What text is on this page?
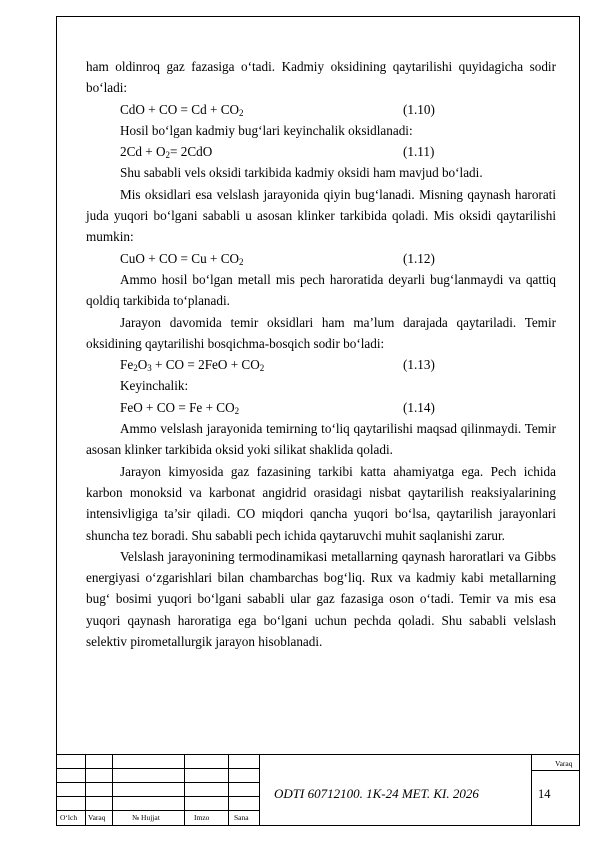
ham oldinroq gaz fazasiga o‘tadi. Kadmiy oksidining qaytarilishi quyidagicha sodir bo‘ladi:

CdO + CO = $Cd + CO_2$	(1.10)

Hosil bo‘lgan kadmiy bug‘lari keyinchalik oksidlanadi:

$2Cd + O_2= 2CdO$	(1.11)

Shu sababli vels oksidi tarkibida kadmiy oksidi ham mavjud bo‘ladi.

Mis oksidlari esa velslash jarayonida qiyin bug‘lanadi. Misning qaynash harorati juda yuqori bo‘lgani sababli u asosan klinker tarkibida qoladi. Mis oksidi qaytarilishi mumkin:

CuO + CO = $Cu + CO_2$	(1.12)

Ammo hosil bo‘lgan metall mis pech haroratida deyarli bug‘lanmaydi va qattiq qoldiq tarkibida to‘planadi.

Jarayon davomida temir oksidlari ham ma’lum darajada qaytariladi. Temir oksidining qaytarilishi bosqichma-bosqich sodir bo‘ladi:

$Fe_2O_3$ + CO = $2FeO + CO_2$	(1.13)

Keyinchalik:

FeO + CO = $Fe + CO_2$	(1.14)

Ammo velslash jarayonida temirning to‘liq qaytarilishi maqsad qilinmaydi. Temir asosan klinker tarkibida oksid yoki silikat shaklida qoladi.

Jarayon kimyosida gaz fazasining tarkibi katta ahamiyatga ega. Pech ichida karbon monoksid va karbonat angidrid orasidagi nisbat qaytarilish reaksiyalarining intensivligiga ta’sir qiladi. CO miqdori qancha yuqori bo‘lsa, qaytarilish jarayonlari shuncha tez boradi. Shu sababli pech ichida qaytaruvchi muhit saqlanishi zarur.

Velslash jarayonining termodinamikasi metallarning qaynash haroratlari va Gibbs energiyasi o‘zgarishlari bilan chambarchas bog‘liq. Rux va kadmiy kabi metallarning bug‘ bosimi yuqori bo‘lgani sababli ular gaz fazasiga oson o‘tadi. Temir va mis esa yuqori qaynash haroratiga ega bo‘lgani uchun pechda qoladi. Shu sababli velslash selektiv pirometallurgik jarayon hisoblanadi.

O‘lch Varaq	№ Hujjat	Imzo	Sana
ODTI 60712100. 1K-24 MET. KI. 2026
Varaq
14
